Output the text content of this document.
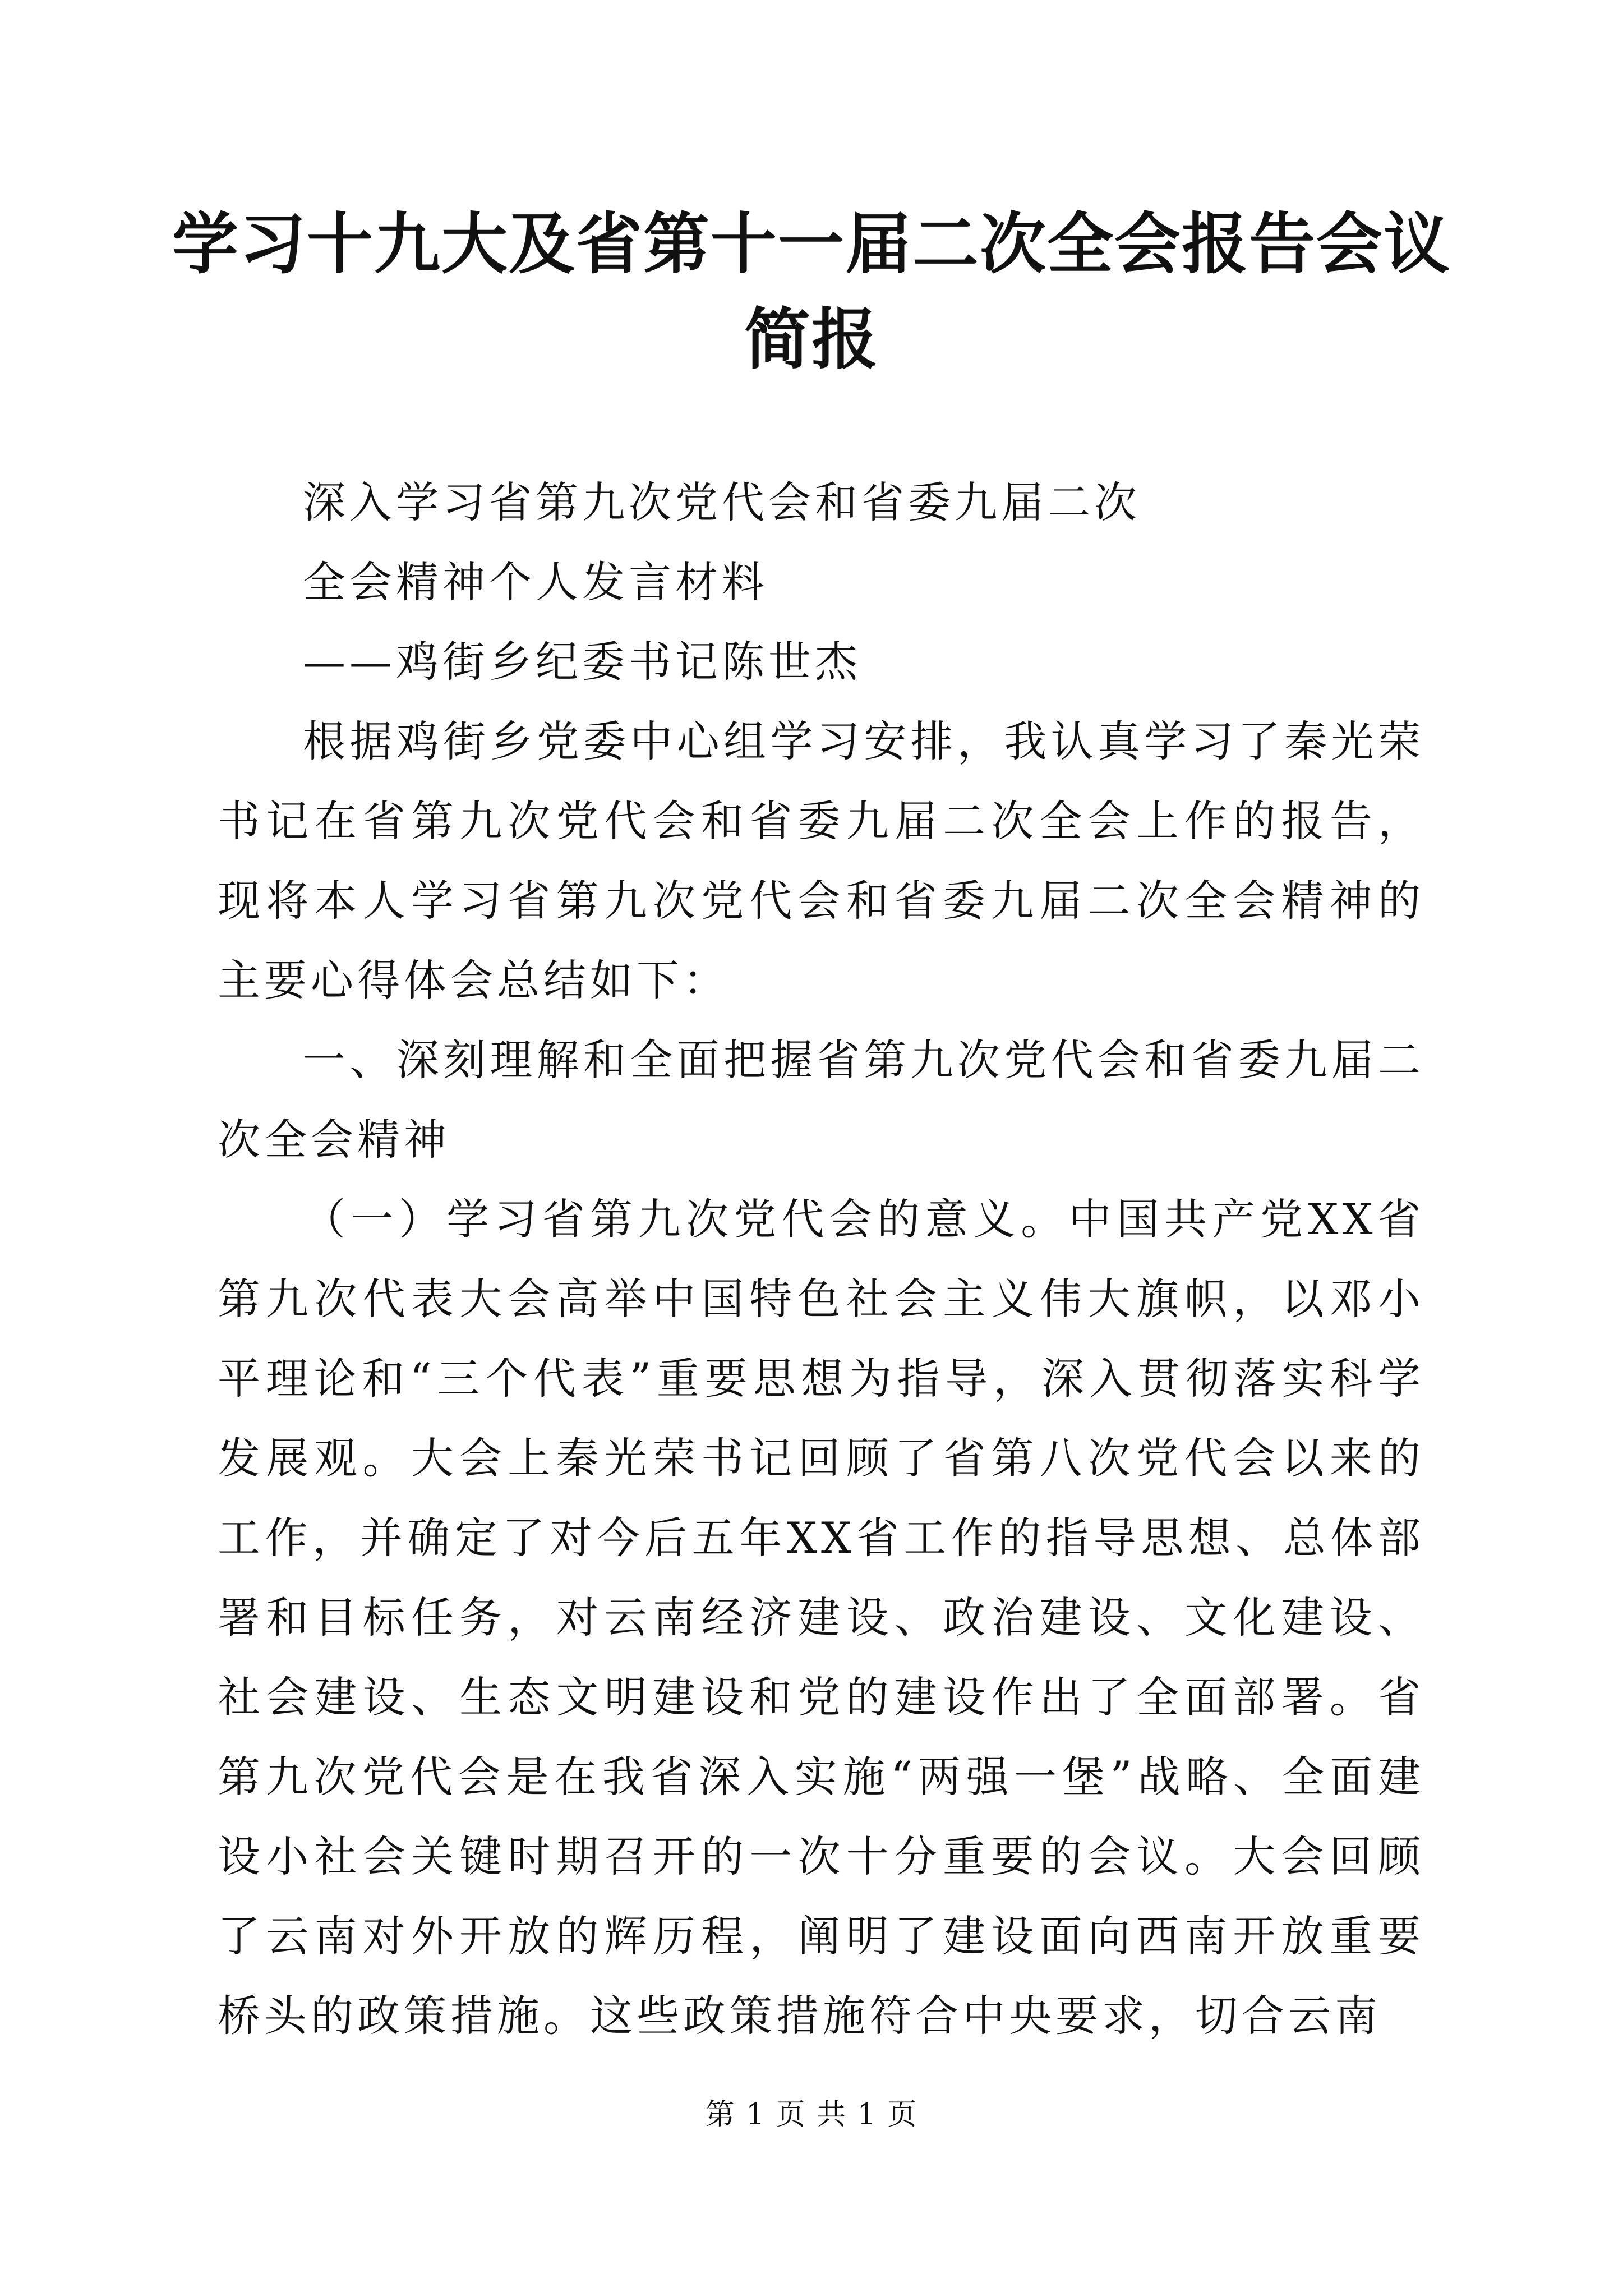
学习十九大及省第十一届二次全会报告会议简报

深入学习省第九次党代会和省委九届二次

全会精神个人发言材料

——鸡街乡纪委书记陈世杰

根据鸡街乡党委中心组学习安排，我认真学习了秦光荣书记在省第九次党代会和省委九届二次全会上作的报告，现将本人学习省第九次党代会和省委九届二次全会精神的主要心得体会总结如下：

一、深刻理解和全面把握省第九次党代会和省委九届二次全会精神

（一）学习省第九次党代会的意义。中国共产党XX省第九次代表大会高举中国特色社会主义伟大旗帜，以邓小平理论和“三个代表”重要思想为指导，深入贯彻落实科学发展观。大会上秦光荣书记回顾了省第八次党代会以来的工作，并确定了对今后五年XX省工作的指导思想、总体部署和目标任务，对云南经济建设、政治建设、文化建设、社会建设、生态文明建设和党的建设作出了全面部署。省第九次党代会是在我省深入实施“两强一堡”战略、全面建设小社会关键时期召开的一次十分重要的会议。大会回顾了云南对外开放的辉历程，阐明了建设面向西南开放重要桥头的政策措施。这些政策措施符合中央要求，切合云南

第 1 页 共 1 页
